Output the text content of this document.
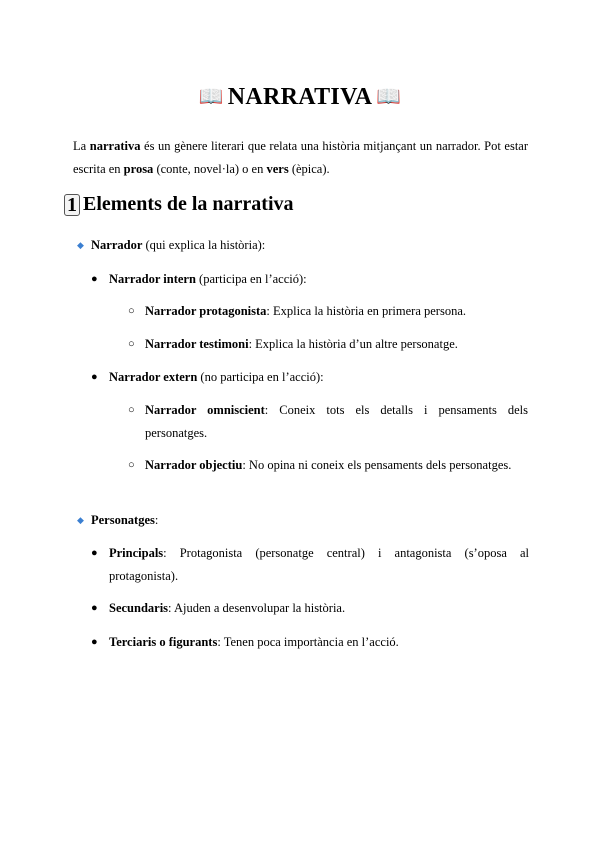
📖 NARRATIVA 📖
La narrativa és un gènere literari que relata una història mitjançant un narrador. Pot estar escrita en prosa (conte, novel·la) o en vers (èpica).
1 Elements de la narrativa
◆ Narrador (qui explica la història):
● Narrador intern (participa en l’acció):
○ Narrador protagonista: Explica la història en primera persona.
○ Narrador testimoni: Explica la història d’un altre personatge.
● Narrador extern (no participa en l’acció):
○ Narrador omniscient: Coneix tots els detalls i pensaments dels personatges.
○ Narrador objectiu: No opina ni coneix els pensaments dels personatges.
◆ Personatges:
● Principals: Protagonista (personatge central) i antagonista (s’oposa al protagonista).
● Secundaris: Ajuden a desenvolupar la història.
● Terciaris o figurants: Tenen poca importància en l’acció.
